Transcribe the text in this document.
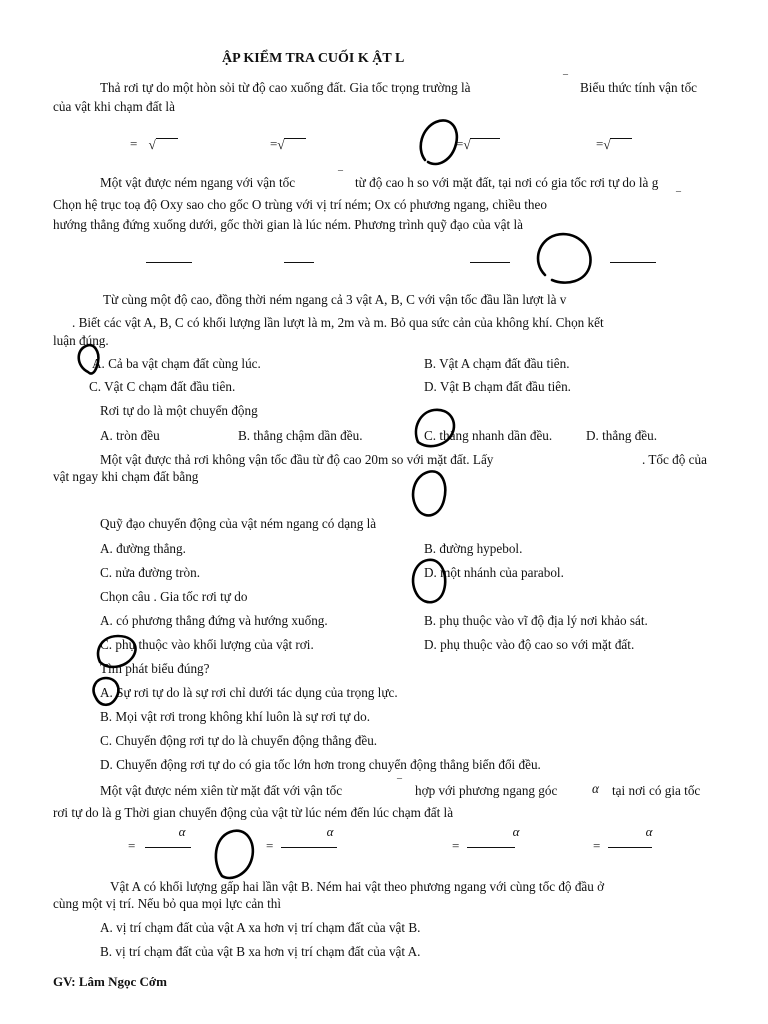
ẬP KIỂM TRA CUỐI K ẬT L
Thả rơi tự do một hòn sỏi từ độ cao xuống đất. Gia tốc trọng trường là
¯
Biểu thức tính vận tốc
của vật khi chạm đất là
= √	=√	=√	=√
Một vật được ném ngang với vận tốc	¯ từ độ cao h so với mặt đất, tại nơi có gia tốc rơi tự do là g
Chọn hệ trục toạ độ Oxy sao cho gốc O trùng với vị trí ném; Ox có phương ngang, chiều theo
¯
hướng thẳng đứng xuống dưới, gốc thời gian là lúc ném. Phương trình quỹ đạo của vật là
Từ cùng một độ cao, đồng thời ném ngang cả 3 vật A, B, C với vận tốc đầu lần lượt là v
. Biết các vật A, B, C có khối lượng lần lượt là m, 2m và m. Bỏ qua sức cản của không khí. Chọn kết
luận đúng.
A. Cả ba vật chạm đất cùng lúc.	B. Vật A chạm đất đầu tiên.
C. Vật C chạm đất đầu tiên.	D. Vật B chạm đất đầu tiên.
Rơi tự do là một chuyển động
A. tròn đều	B. thẳng chậm dần đều.	C. thẳng nhanh dần đều.	D. thẳng đều.
Một vật được thả rơi không vận tốc đầu từ độ cao 20m so với mặt đất. Lấy	. Tốc độ của
vật ngay khi chạm đất bằng
Quỹ đạo chuyển động của vật ném ngang có dạng là
A. đường thẳng.	B. đường hypebol.
C. nửa đường tròn.	D. một nhánh của parabol.
Chọn câu . Gia tốc rơi tự do
A. có phương thẳng đứng và hướng xuống.	B. phụ thuộc vào vĩ độ địa lý nơi khảo sát.
C. phụ thuộc vào khối lượng của vật rơi.	D. phụ thuộc vào độ cao so với mặt đất.
Tìm phát biểu đúng?
A. Sự rơi tự do là sự rơi chỉ dưới tác dụng của trọng lực.
B. Mọi vật rơi trong không khí luôn là sự rơi tự do.
C. Chuyển động rơi tự do là chuyển động thẳng đều.
D. Chuyển động rơi tự do có gia tốc lớn hơn trong chuyển động thẳng biến đổi đều.
Một vật được ném xiên từ mặt đất với vận tốc	¯ hợp với phương ngang góc	α tại nơi có gia tốc
rơi tự do là g Thời gian chuyển động của vật từ lúc ném đến lúc chạm đất là
=
α
=
α
=
α
=
α
Vật A có khối lượng gấp hai lần vật B. Ném hai vật theo phương ngang với cùng tốc độ đầu ở
cùng một vị trí. Nếu bỏ qua mọi lực cản thì
A. vị trí chạm đất của vật A xa hơn vị trí chạm đất của vật B.
B. vị trí chạm đất của vật B xa hơn vị trí chạm đất của vật A.
GV: Lâm Ngọc Cớm
